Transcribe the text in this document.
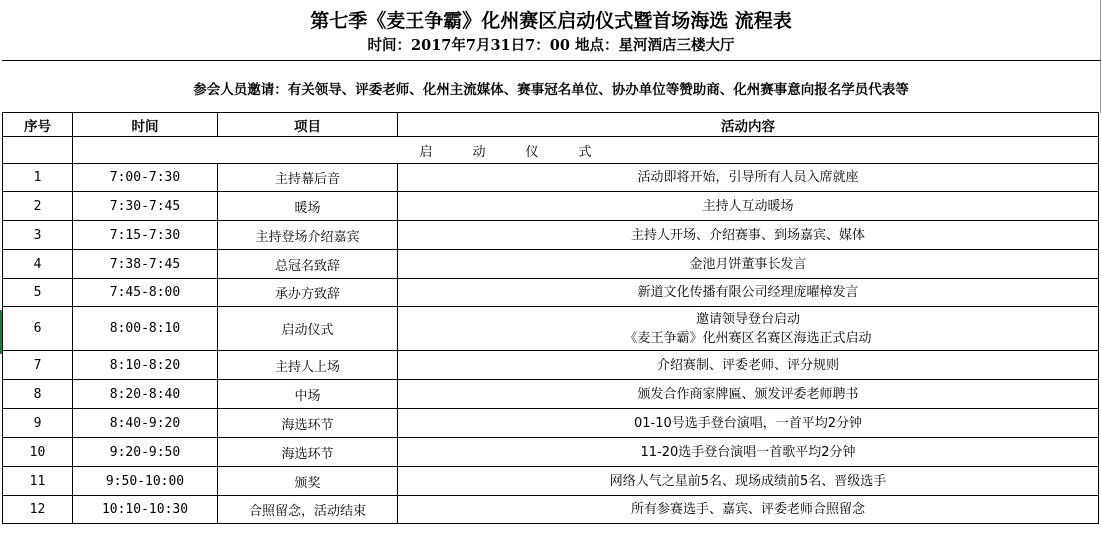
第七季《麦王争霸》化州赛区启动仪式暨首场海选 流程表
时间：2017年7月31日7：00 地点：星河酒店三楼大厅
参会人员邀请：有关领导、评委老师、化州主流媒体、赛事冠名单位、协办单位等赞助商、化州赛事意向报名学员代表等
序号	时间	项目	活动内容
	启动仪式		
1	7:00-7:30	主持幕后音	活动即将开始，引导所有人员入席就座
2	7:30-7:45	暖场	主持人互动暖场
3	7:15-7:30	主持登场介绍嘉宾	主持人开场、介绍赛事、到场嘉宾、媒体
4	7:38-7:45	总冠名致辞	金池月饼董事长发言
5	7:45-8:00	承办方致辞	新道文化传播有限公司经理庞曜樟发言
6	8:00-8:10	启动仪式	邀请领导登台启动
《麦王争霸》化州赛区名赛区海选正式启动

7	8:10-8:20	主持人上场	介绍赛制、评委老师、评分规则
8	8:20-8:40	中场	颁发合作商家牌匾、颁发评委老师聘书
9	8:40-9:20	海选环节	01-10号选手登台演唱，一首平均2分钟
10	9:20-9:50	海选环节	11-20选手登台演唱一首歌平均2分钟
11	9:50-10:00	颁奖	网络人气之星前5名、现场成绩前5名、晋级选手
12	10:10-10:30	合照留念，活动结束	所有参赛选手、嘉宾、评委老师合照留念
